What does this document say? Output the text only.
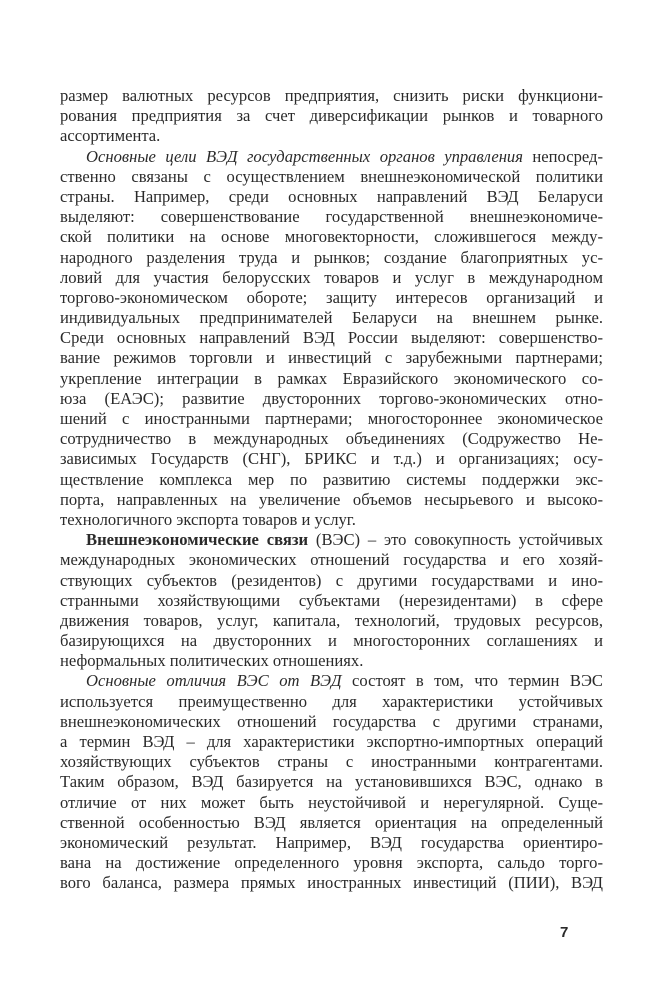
размер валютных ресурсов предприятия, снизить риски функциони-
рования предприятия за счет диверсификации рынков и товарного
ассортимента.
Основные цели ВЭД государственных органов управления непосред-
ственно связаны с осуществлением внешнеэкономической политики
страны. Например, среди основных направлений ВЭД Беларуси
выделяют: совершенствование государственной внешнеэкономиче-
ской политики на основе многовекторности, сложившегося между-
народного разделения труда и рынков; создание благоприятных ус-
ловий для участия белорусских товаров и услуг в международном
торгово-экономическом обороте; защиту интересов организаций и
индивидуальных предпринимателей Беларуси на внешнем рынке.
Среди основных направлений ВЭД России выделяют: совершенство-
вание режимов торговли и инвестиций с зарубежными партнерами;
укрепление интеграции в рамках Евразийского экономического со-
юза (ЕАЭС); развитие двусторонних торгово-экономических отно-
шений с иностранными партнерами; многостороннее экономическое
сотрудничество в международных объединениях (Содружество Не-
зависимых Государств (СНГ), БРИКС и т.д.) и организациях; осу-
ществление комплекса мер по развитию системы поддержки экс-
порта, направленных на увеличение объемов несырьевого и высоко-
технологичного экспорта товаров и услуг.
Внешнеэкономические связи (ВЭС) – это совокупность устойчивых
международных экономических отношений государства и его хозяй-
ствующих субъектов (резидентов) с другими государствами и ино-
странными хозяйствующими субъектами (нерезидентами) в сфере
движения товаров, услуг, капитала, технологий, трудовых ресурсов,
базирующихся на двусторонних и многосторонних соглашениях и
неформальных политических отношениях.
Основные отличия ВЭС от ВЭД состоят в том, что термин ВЭС
используется преимущественно для характеристики устойчивых
внешнеэкономических отношений государства с другими странами,
а термин ВЭД – для характеристики экспортно-импортных операций
хозяйствующих субъектов страны с иностранными контрагентами.
Таким образом, ВЭД базируется на установившихся ВЭС, однако в
отличие от них может быть неустойчивой и нерегулярной. Суще-
ственной особенностью ВЭД является ориентация на определенный
экономический результат. Например, ВЭД государства ориентиро-
вана на достижение определенного уровня экспорта, сальдо торго-
вого баланса, размера прямых иностранных инвестиций (ПИИ), ВЭД
7
